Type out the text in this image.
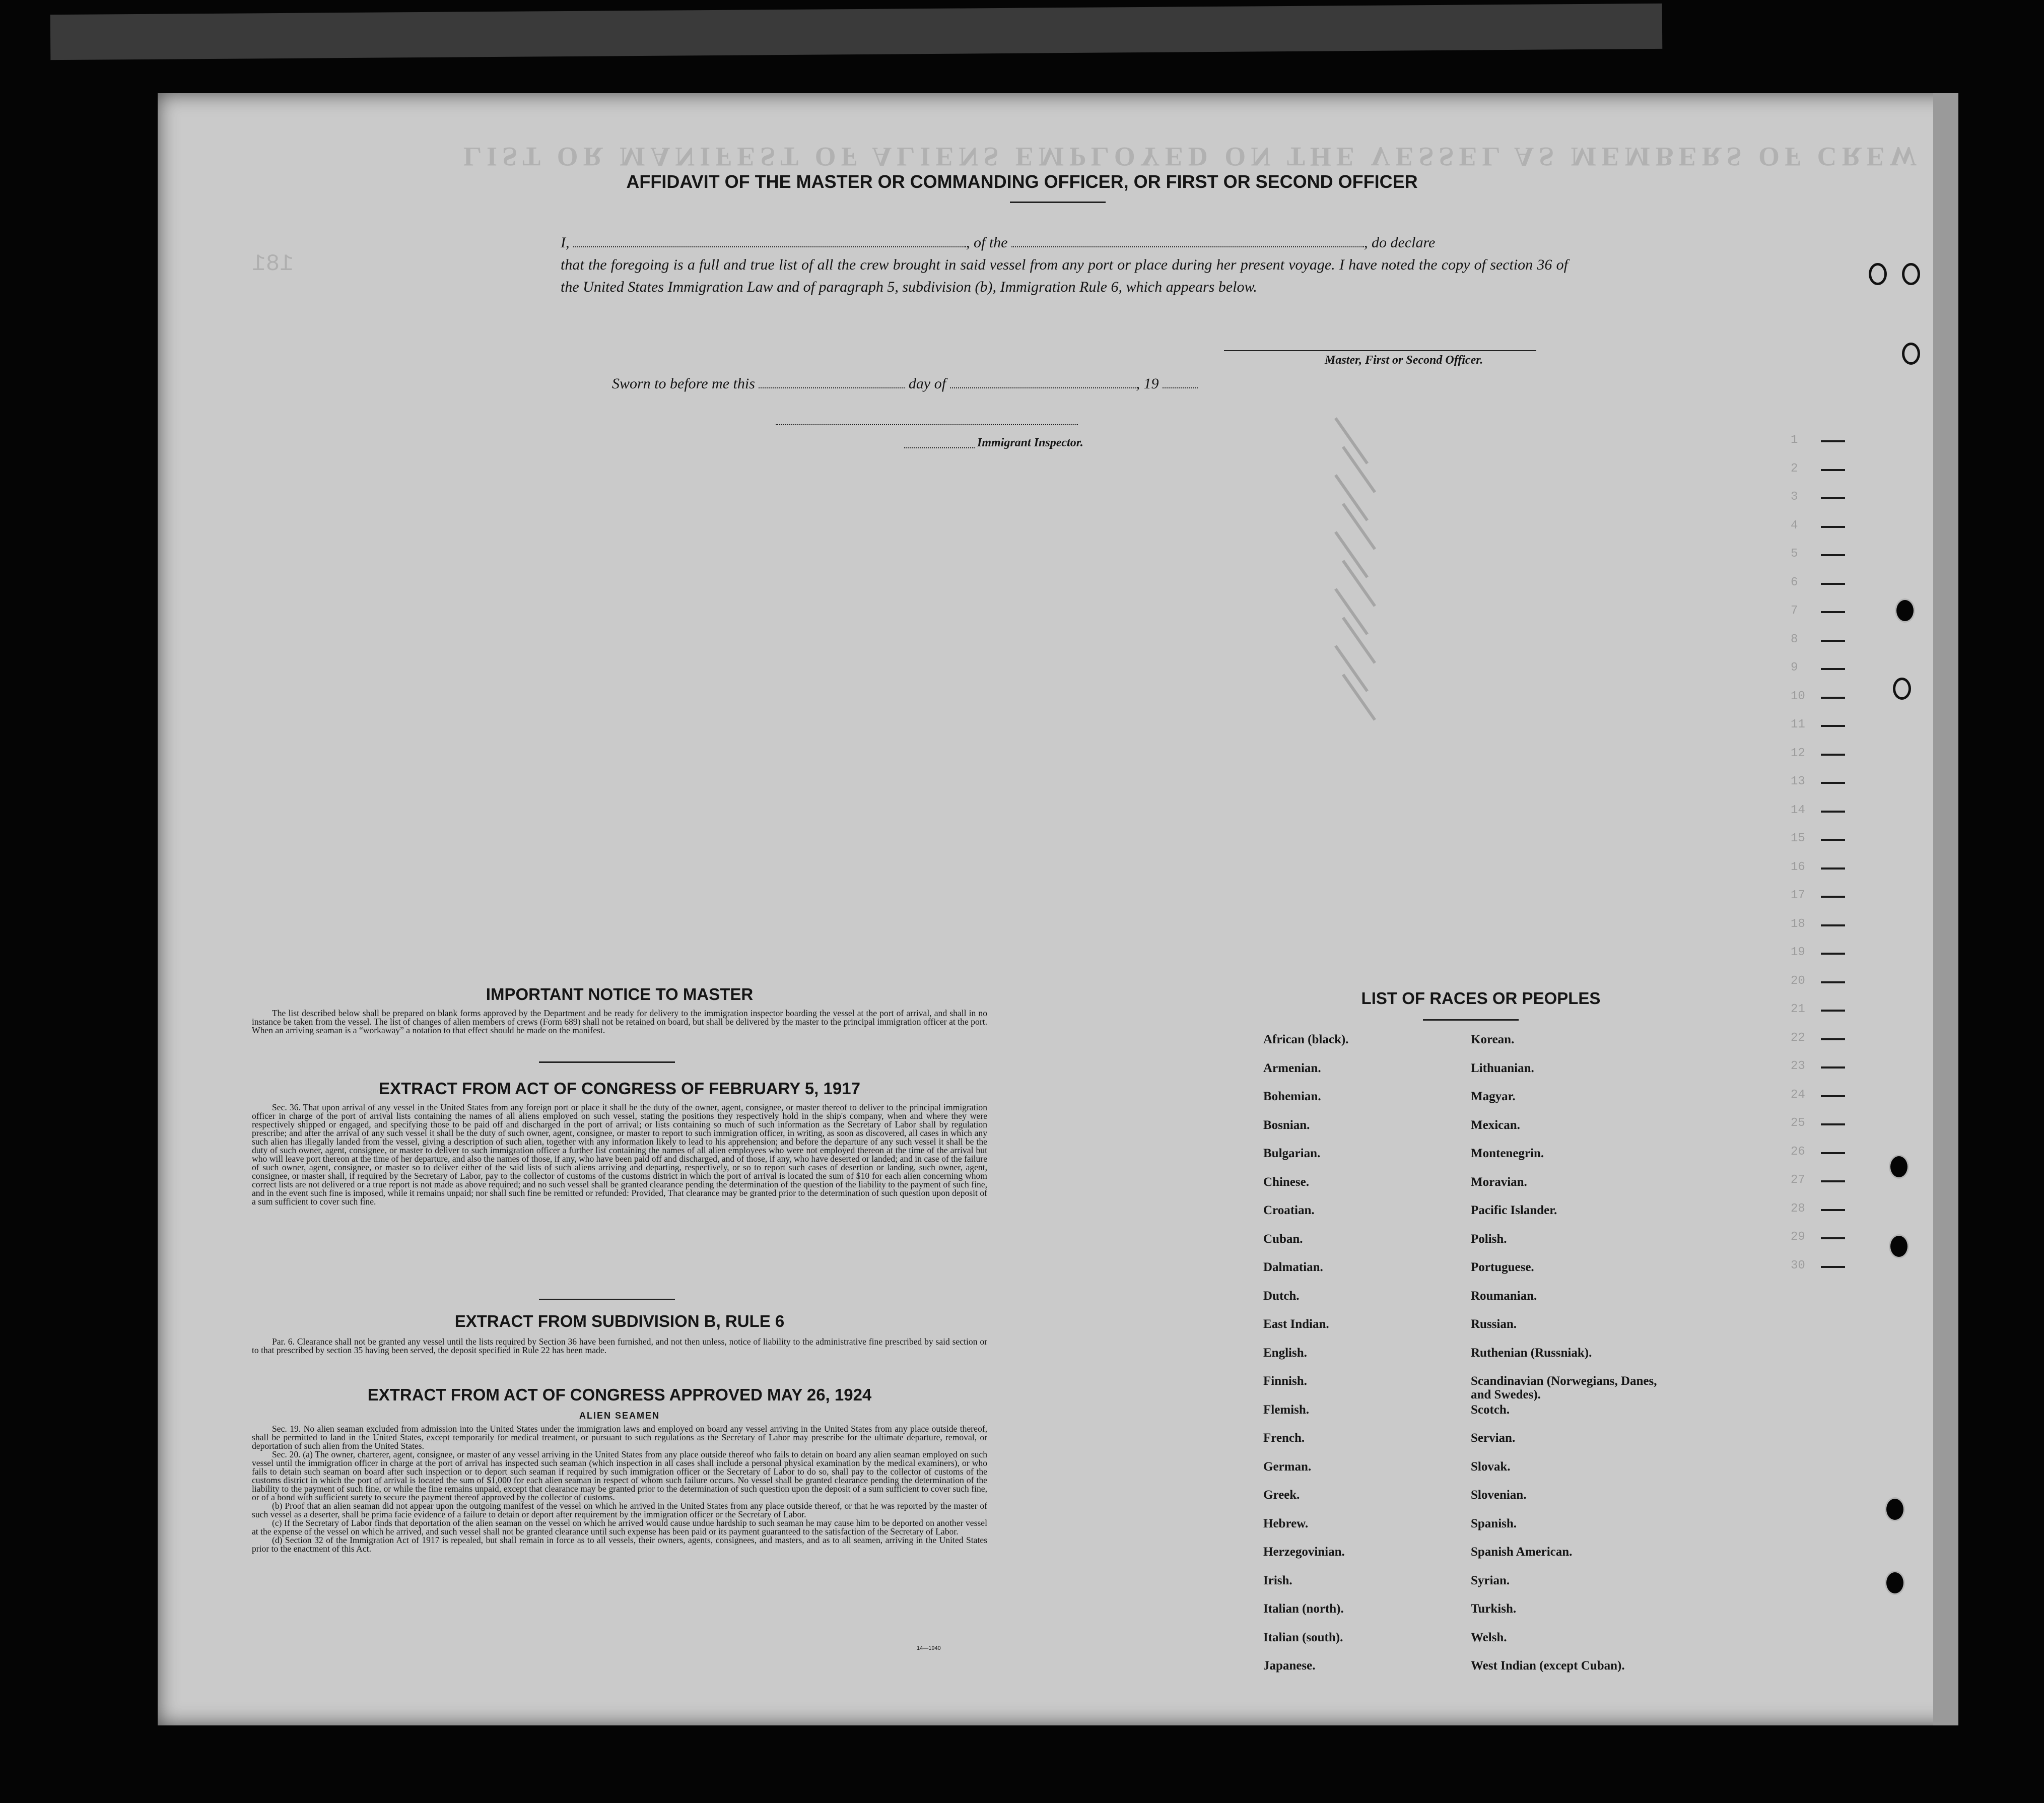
LIST OR MANIFEST OF ALIENS EMPLOYED ON THE VESSEL AS MEMBERS OF CREW
181
1
2
3
4
5
6
7
8
9
10
11
12
13
14
15
16
17
18
19
20
21
22
23
24
25
26
27
28
29
30
AFFIDAVIT OF THE MASTER OR COMMANDING OFFICER, OR FIRST OR SECOND OFFICER
I,	, of the	, do declare
that the foregoing is a full and true list of all the crew brought in said vessel from any port or place during her present voyage. I have noted the copy of section 36 of the United States Immigration Law and of paragraph 5, subdivision (b), Immigration Rule 6, which appears below.
Master, First or Second Officer.
Sworn to before me this	day of	, 19
Immigrant Inspector.
IMPORTANT NOTICE TO MASTER

The list described below shall be prepared on blank forms approved by the Department and be ready for delivery to the immigration inspector boarding the vessel at the port of arrival, and shall in no instance be taken from the vessel. The list of changes of alien members of crews (Form 689) shall not be retained on board, but shall be delivered by the master to the principal immigration officer at the port. When an arriving seaman is a “workaway” a notation to that effect should be made on the manifest.

EXTRACT FROM ACT OF CONGRESS OF FEBRUARY 5, 1917

Sec. 36. That upon arrival of any vessel in the United States from any foreign port or place it shall be the duty of the owner, agent, consignee, or master thereof to deliver to the principal immigration officer in charge of the port of arrival lists containing the names of all aliens employed on such vessel, stating the positions they respectively hold in the ship's company, when and where they were respectively shipped or engaged, and specifying those to be paid off and discharged in the port of arrival; or lists containing so much of such information as the Secretary of Labor shall by regulation prescribe; and after the arrival of any such vessel it shall be the duty of such owner, agent, consignee, or master to report to such immigration officer, in writing, as soon as discovered, all cases in which any such alien has illegally landed from the vessel, giving a description of such alien, together with any information likely to lead to his apprehension; and before the departure of any such vessel it shall be the duty of such owner, agent, consignee, or master to deliver to such immigration officer a further list containing the names of all alien employees who were not employed thereon at the time of the arrival but who will leave port thereon at the time of her departure, and also the names of those, if any, who have been paid off and discharged, and of those, if any, who have deserted or landed; and in case of the failure of such owner, agent, consignee, or master so to deliver either of the said lists of such aliens arriving and departing, respectively, or so to report such cases of desertion or landing, such owner, agent, consignee, or master shall, if required by the Secretary of Labor, pay to the collector of customs of the customs district in which the port of arrival is located the sum of $10 for each alien concerning whom correct lists are not delivered or a true report is not made as above required; and no such vessel shall be granted clearance pending the determination of the question of the liability to the payment of such fine, and in the event such fine is imposed, while it remains unpaid; nor shall such fine be remitted or refunded: Provided, That clearance may be granted prior to the determination of such question upon deposit of a sum sufficient to cover such fine.

EXTRACT FROM SUBDIVISION B, RULE 6

Par. 6. Clearance shall not be granted any vessel until the lists required by Section 36 have been furnished, and not then unless, notice of liability to the administrative fine prescribed by said section or to that prescribed by section 35 having been served, the deposit specified in Rule 22 has been made.

EXTRACT FROM ACT OF CONGRESS APPROVED MAY 26, 1924
ALIEN SEAMEN

Sec. 19. No alien seaman excluded from admission into the United States under the immigration laws and employed on board any vessel arriving in the United States from any place outside thereof, shall be permitted to land in the United States, except temporarily for medical treatment, or pursuant to such regulations as the Secretary of Labor may prescribe for the ultimate departure, removal, or deportation of such alien from the United States.

Sec. 20. (a) The owner, charterer, agent, consignee, or master of any vessel arriving in the United States from any place outside thereof who fails to detain on board any alien seaman employed on such vessel until the immigration officer in charge at the port of arrival has inspected such seaman (which inspection in all cases shall include a personal physical examination by the medical examiners), or who fails to detain such seaman on board after such inspection or to deport such seaman if required by such immigration officer or the Secretary of Labor to do so, shall pay to the collector of customs of the customs district in which the port of arrival is located the sum of $1,000 for each alien seaman in respect of whom such failure occurs. No vessel shall be granted clearance pending the determination of the liability to the payment of such fine, or while the fine remains unpaid, except that clearance may be granted prior to the determination of such question upon the deposit of a sum sufficient to cover such fine, or of a bond with sufficient surety to secure the payment thereof approved by the collector of customs.

(b) Proof that an alien seaman did not appear upon the outgoing manifest of the vessel on which he arrived in the United States from any place outside thereof, or that he was reported by the master of such vessel as a deserter, shall be prima facie evidence of a failure to detain or deport after requirement by the immigration officer or the Secretary of Labor.

(c) If the Secretary of Labor finds that deportation of the alien seaman on the vessel on which he arrived would cause undue hardship to such seaman he may cause him to be deported on another vessel at the expense of the vessel on which he arrived, and such vessel shall not be granted clearance until such expense has been paid or its payment guaranteed to the satisfaction of the Secretary of Labor.

(d) Section 32 of the Immigration Act of 1917 is repealed, but shall remain in force as to all vessels, their owners, agents, consignees, and masters, and as to all seamen, arriving in the United States prior to the enactment of this Act.

14—1940
LIST OF RACES OR PEOPLES
African (black).
Armenian.
Bohemian.
Bosnian.
Bulgarian.
Chinese.
Croatian.
Cuban.
Dalmatian.
Dutch.
East Indian.
English.
Finnish.
Flemish.
French.
German.
Greek.
Hebrew.
Herzegovinian.
Irish.
Italian (north).
Italian (south).
Japanese.
Korean.
Lithuanian.
Magyar.
Mexican.
Montenegrin.
Moravian.
Pacific Islander.
Polish.
Portuguese.
Roumanian.
Russian.
Ruthenian (Russniak).
Scandinavian (Norwegians, Danes, and Swedes).
Scotch.
Servian.
Slovak.
Slovenian.
Spanish.
Spanish American.
Syrian.
Turkish.
Welsh.
West Indian (except Cuban).
